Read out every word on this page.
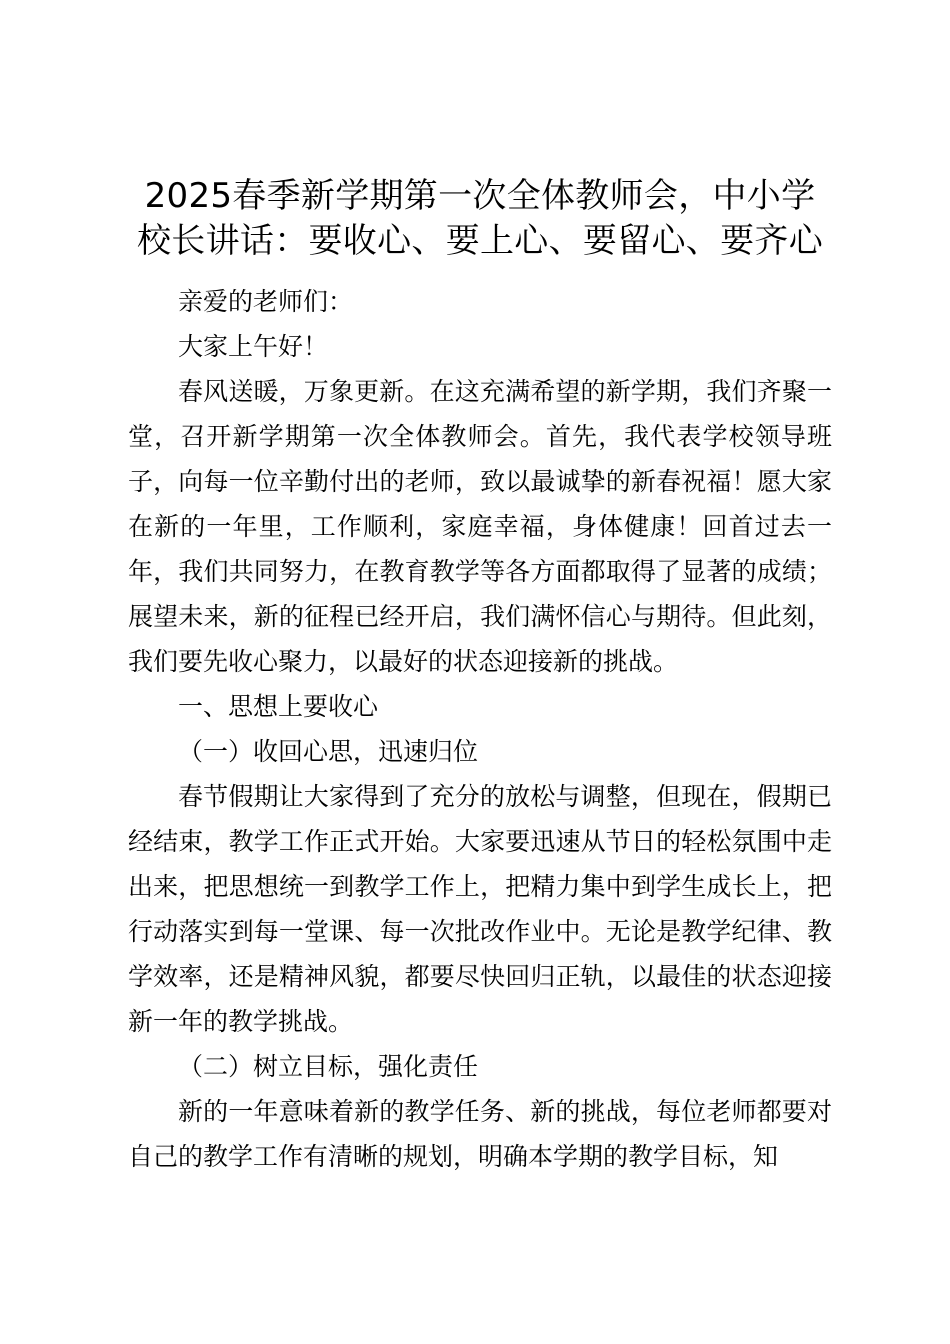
2025春季新学期第一次全体教师会，中小学
校长讲话：要收心、要上心、要留心、要齐心

亲爱的老师们：

大家上午好！

春风送暖，万象更新。在这充满希望的新学期，我们齐聚一堂，召开新学期第一次全体教师会。首先，我代表学校领导班子，向每一位辛勤付出的老师，致以最诚挚的新春祝福！愿大家在新的一年里，工作顺利，家庭幸福，身体健康！回首过去一年，我们共同努力，在教育教学等各方面都取得了显著的成绩；展望未来，新的征程已经开启，我们满怀信心与期待。但此刻，我们要先收心聚力，以最好的状态迎接新的挑战。

一、思想上要收心

（一）收回心思，迅速归位

春节假期让大家得到了充分的放松与调整，但现在，假期已经结束，教学工作正式开始。大家要迅速从节日的轻松氛围中走出来，把思想统一到教学工作上，把精力集中到学生成长上，把行动落实到每一堂课、每一次批改作业中。无论是教学纪律、教学效率，还是精神风貌，都要尽快回归正轨，以最佳的状态迎接新一年的教学挑战。

（二）树立目标，强化责任

新的一年意味着新的教学任务、新的挑战，每位老师都要对自己的教学工作有清晰的规划，明确本学期的教学目标，知
